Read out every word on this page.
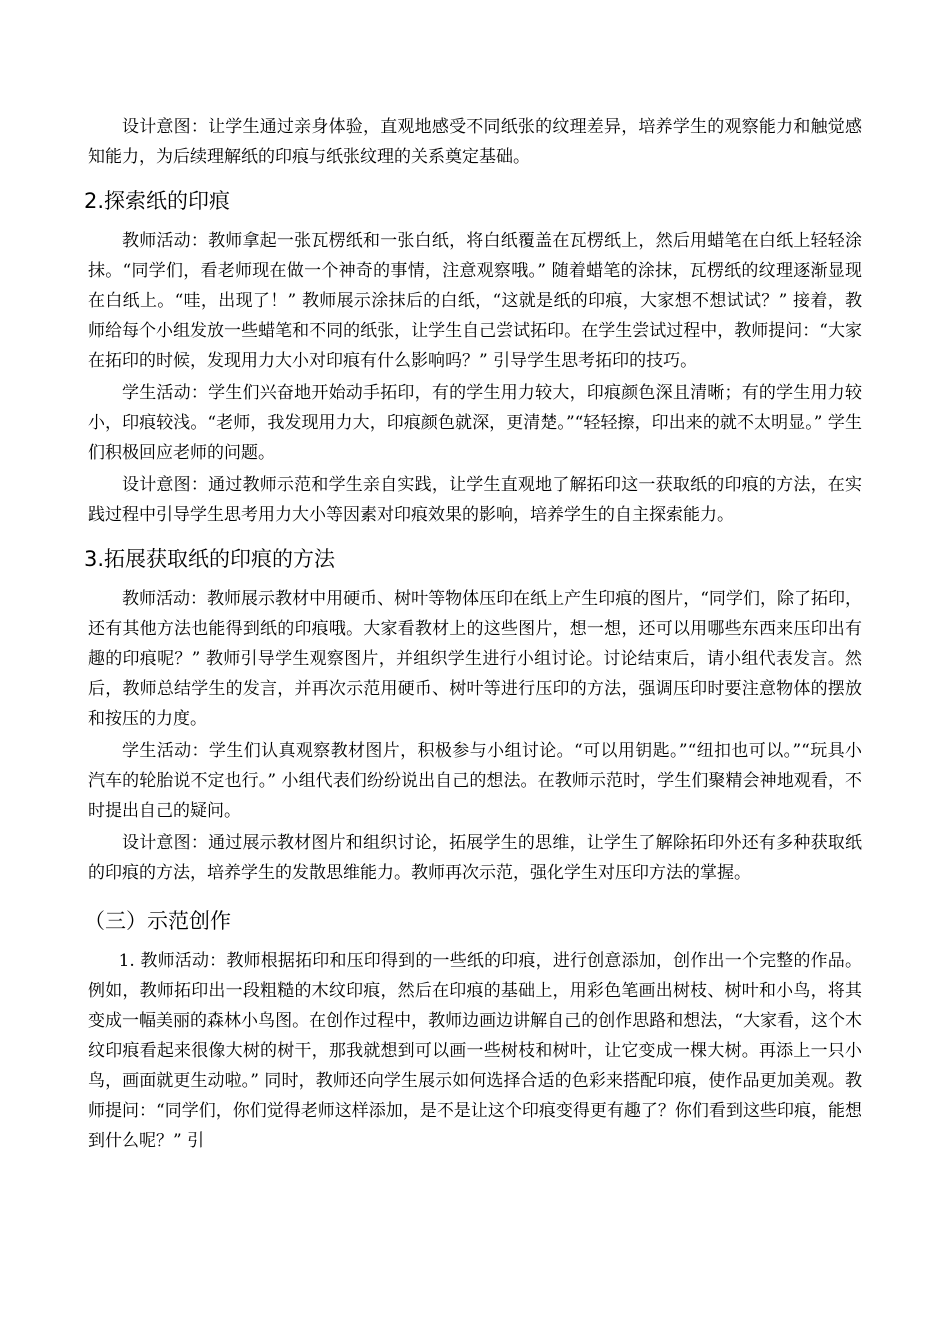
设计意图：让学生通过亲身体验，直观地感受不同纸张的纹理差异，培养学生的观察能力和触觉感知能力，为后续理解纸的印痕与纸张纹理的关系奠定基础。

2.探索纸的印痕

教师活动：教师拿起一张瓦楞纸和一张白纸，将白纸覆盖在瓦楞纸上，然后用蜡笔在白纸上轻轻涂抹。“同学们，看老师现在做一个神奇的事情，注意观察哦。” 随着蜡笔的涂抹，瓦楞纸的纹理逐渐显现在白纸上。“哇，出现了！” 教师展示涂抹后的白纸，“这就是纸的印痕，大家想不想试试？” 接着，教师给每个小组发放一些蜡笔和不同的纸张，让学生自己尝试拓印。在学生尝试过程中，教师提问：“大家在拓印的时候，发现用力大小对印痕有什么影响吗？” 引导学生思考拓印的技巧。

学生活动：学生们兴奋地开始动手拓印，有的学生用力较大，印痕颜色深且清晰；有的学生用力较小，印痕较浅。“老师，我发现用力大，印痕颜色就深，更清楚。”“轻轻擦，印出来的就不太明显。” 学生们积极回应老师的问题。

设计意图：通过教师示范和学生亲自实践，让学生直观地了解拓印这一获取纸的印痕的方法，在实践过程中引导学生思考用力大小等因素对印痕效果的影响，培养学生的自主探索能力。

3.拓展获取纸的印痕的方法

教师活动：教师展示教材中用硬币、树叶等物体压印在纸上产生印痕的图片，“同学们，除了拓印，还有其他方法也能得到纸的印痕哦。大家看教材上的这些图片，想一想，还可以用哪些东西来压印出有趣的印痕呢？” 教师引导学生观察图片，并组织学生进行小组讨论。讨论结束后，请小组代表发言。然后，教师总结学生的发言，并再次示范用硬币、树叶等进行压印的方法，强调压印时要注意物体的摆放和按压的力度。

学生活动：学生们认真观察教材图片，积极参与小组讨论。“可以用钥匙。”“纽扣也可以。”“玩具小汽车的轮胎说不定也行。” 小组代表们纷纷说出自己的想法。在教师示范时，学生们聚精会神地观看，不时提出自己的疑问。

设计意图：通过展示教材图片和组织讨论，拓展学生的思维，让学生了解除拓印外还有多种获取纸的印痕的方法，培养学生的发散思维能力。教师再次示范，强化学生对压印方法的掌握。

（三）示范创作

1. 教师活动：教师根据拓印和压印得到的一些纸的印痕，进行创意添加，创作出一个完整的作品。例如，教师拓印出一段粗糙的木纹印痕，然后在印痕的基础上，用彩色笔画出树枝、树叶和小鸟，将其变成一幅美丽的森林小鸟图。在创作过程中，教师边画边讲解自己的创作思路和想法，“大家看，这个木纹印痕看起来很像大树的树干，那我就想到可以画一些树枝和树叶，让它变成一棵大树。再添上一只小鸟，画面就更生动啦。” 同时，教师还向学生展示如何选择合适的色彩来搭配印痕，使作品更加美观。教师提问：“同学们，你们觉得老师这样添加，是不是让这个印痕变得更有趣了？你们看到这些印痕，能想到什么呢？” 引
